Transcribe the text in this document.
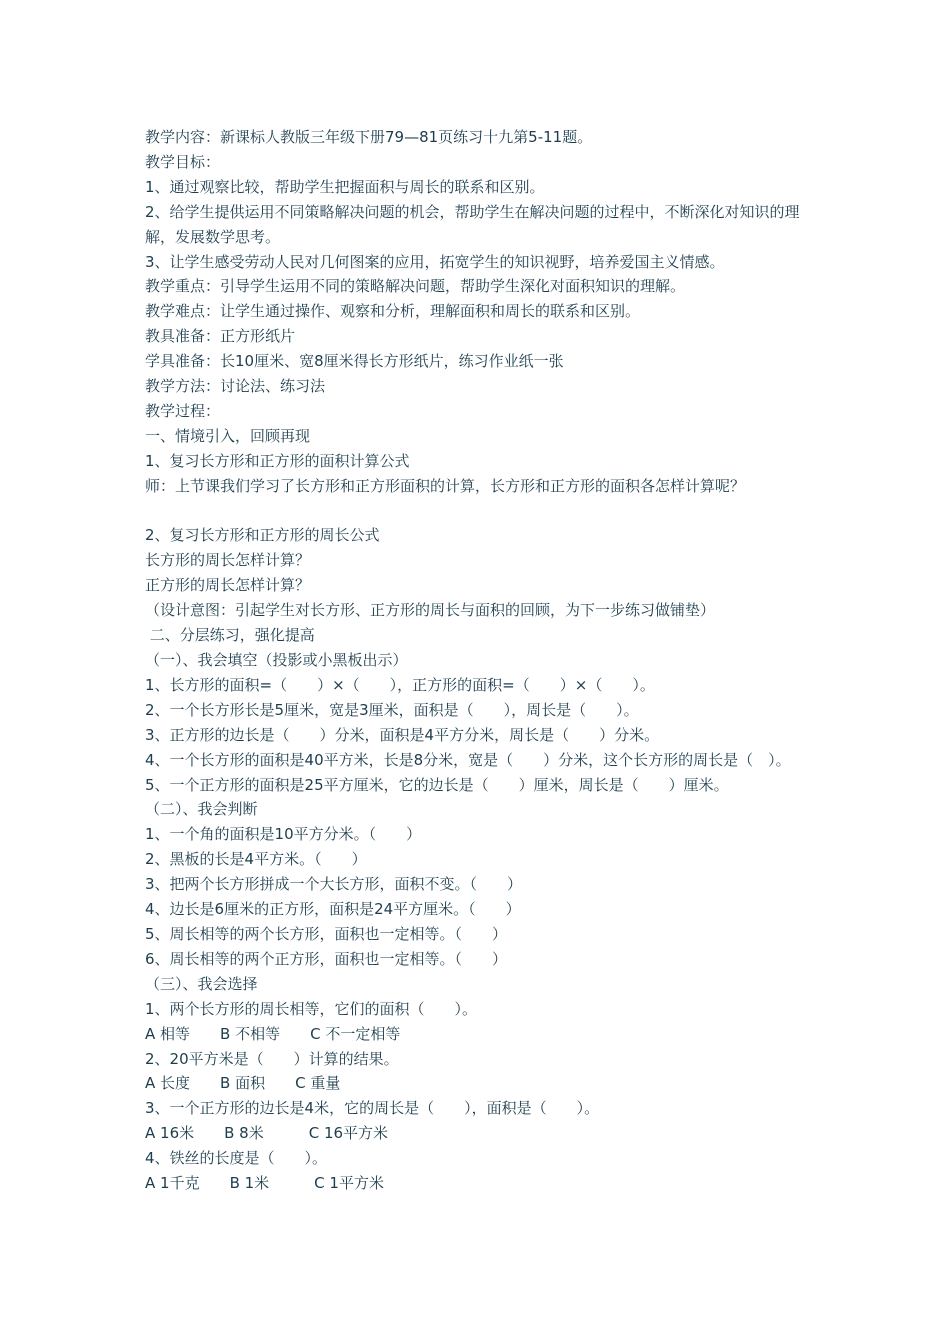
教学内容：新课标人教版三年级下册79—81页练习十九第5-11题。
教学目标：
1、通过观察比较，帮助学生把握面积与周长的联系和区别。
2、给学生提供运用不同策略解决问题的机会，帮助学生在解决问题的过程中，不断深化对知识的理解，发展数学思考。
3、让学生感受劳动人民对几何图案的应用，拓宽学生的知识视野，培养爱国主义情感。
教学重点：引导学生运用不同的策略解决问题，帮助学生深化对面积知识的理解。
教学难点：让学生通过操作、观察和分析，理解面积和周长的联系和区别。
教具准备：正方形纸片
学具准备：长10厘米、宽8厘米得长方形纸片，练习作业纸一张
教学方法：讨论法、练习法
教学过程：
一、情境引入，回顾再现
1、复习长方形和正方形的面积计算公式
师：上节课我们学习了长方形和正方形面积的计算，长方形和正方形的面积各怎样计算呢？
2、复习长方形和正方形的周长公式
长方形的周长怎样计算？
正方形的周长怎样计算？
（设计意图：引起学生对长方形、正方形的周长与面积的回顾，为下一步练习做铺垫）
二、分层练习，强化提高
（一）、我会填空（投影或小黑板出示）
1、长方形的面积=（　　）×（　　），正方形的面积=（　　）×（　　）。
2、一个长方形长是5厘米，宽是3厘米，面积是（　　），周长是（　　）。
3、正方形的边长是（　　）分米，面积是4平方分米，周长是（　　）分米。
4、一个长方形的面积是40平方米，长是8分米，宽是（　　）分米，这个长方形的周长是（　）。
5、一个正方形的面积是25平方厘米，它的边长是（　　）厘米，周长是（　　）厘米。
（二）、我会判断
1、一个角的面积是10平方分米。（　　）
2、黑板的长是4平方米。（　　）
3、把两个长方形拼成一个大长方形，面积不变。（　　）
4、边长是6厘米的正方形，面积是24平方厘米。（　　）
5、周长相等的两个长方形，面积也一定相等。（　　）
6、周长相等的两个正方形，面积也一定相等。（　　）
（三）、我会选择
1、两个长方形的周长相等，它们的面积（　　）。
A 相等　　B 不相等　　C 不一定相等
2、20平方米是（　　）计算的结果。
A 长度　　B 面积　　C 重量
3、一个正方形的边长是4米，它的周长是（　　），面积是（　　）。
A 16米　　B 8米　　　C 16平方米
4、铁丝的长度是（　　）。
A 1千克　　B 1米　　　C 1平方米
